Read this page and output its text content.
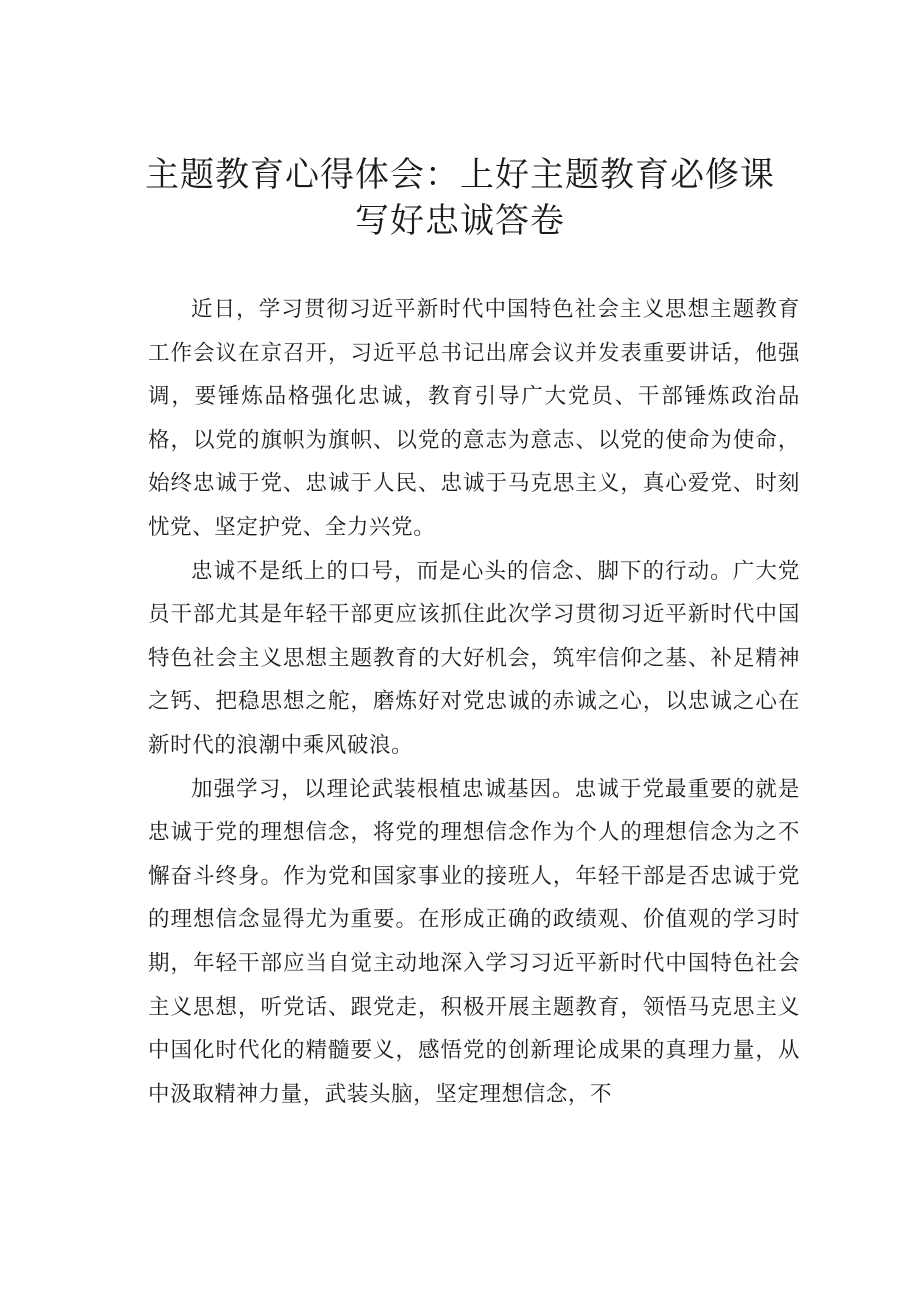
主题教育心得体会：上好主题教育必修课
写好忠诚答卷

近日，学习贯彻习近平新时代中国特色社会主义思想主题教育工作会议在京召开，习近平总书记出席会议并发表重要讲话，他强调，要锤炼品格强化忠诚，教育引导广大党员、干部锤炼政治品格，以党的旗帜为旗帜、以党的意志为意志、以党的使命为使命，始终忠诚于党、忠诚于人民、忠诚于马克思主义，真心爱党、时刻忧党、坚定护党、全力兴党。

忠诚不是纸上的口号，而是心头的信念、脚下的行动。广大党员干部尤其是年轻干部更应该抓住此次学习贯彻习近平新时代中国特色社会主义思想主题教育的大好机会，筑牢信仰之基、补足精神之钙、把稳思想之舵，磨炼好对党忠诚的赤诚之心，以忠诚之心在新时代的浪潮中乘风破浪。

加强学习，以理论武装根植忠诚基因。忠诚于党最重要的就是忠诚于党的理想信念，将党的理想信念作为个人的理想信念为之不懈奋斗终身。作为党和国家事业的接班人，年轻干部是否忠诚于党的理想信念显得尤为重要。在形成正确的政绩观、价值观的学习时期，年轻干部应当自觉主动地深入学习习近平新时代中国特色社会主义思想，听党话、跟党走，积极开展主题教育，领悟马克思主义中国化时代化的精髓要义，感悟党的创新理论成果的真理力量，从中汲取精神力量，武装头脑，坚定理想信念，不
